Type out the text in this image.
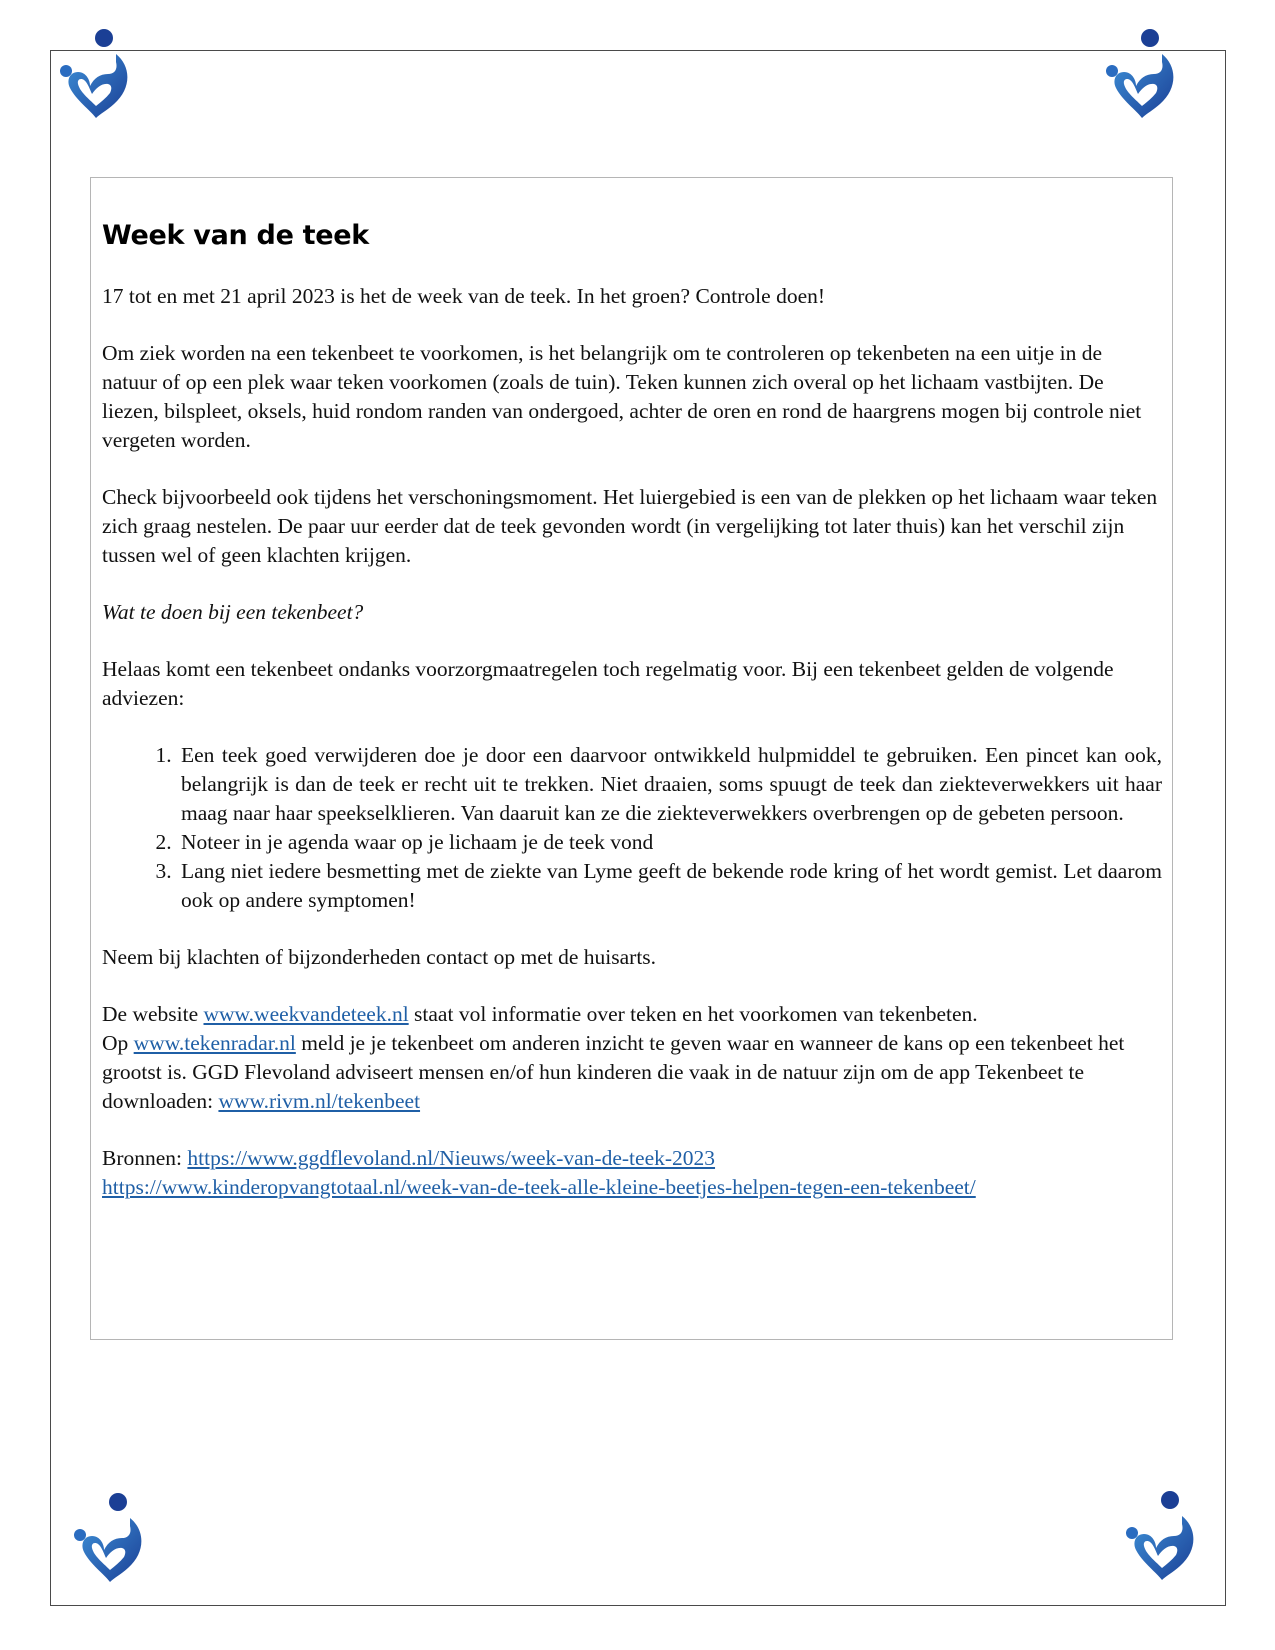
Week van de teek

17 tot en met 21 april 2023 is het de week van de teek. In het groen? Controle doen!

Om ziek worden na een tekenbeet te voorkomen, is het belangrijk om te controleren op tekenbeten na een uitje in de natuur of op een plek waar teken voorkomen (zoals de tuin). Teken kunnen zich overal op het lichaam vastbijten. De liezen, bilspleet, oksels, huid rondom randen van ondergoed, achter de oren en rond de haargrens mogen bij controle niet vergeten worden.

Check bijvoorbeeld ook tijdens het verschoningsmoment. Het luiergebied is een van de plekken op het lichaam waar teken zich graag nestelen. De paar uur eerder dat de teek gevonden wordt (in vergelijking tot later thuis) kan het verschil zijn tussen wel of geen klachten krijgen.

Wat te doen bij een tekenbeet?

Helaas komt een tekenbeet ondanks voorzorgmaatregelen toch regelmatig voor. Bij een tekenbeet gelden de volgende adviezen:

1. Een teek goed verwijderen doe je door een daarvoor ontwikkeld hulpmiddel te gebruiken. Een pincet kan ook, belangrijk is dan de teek er recht uit te trekken. Niet draaien, soms spuugt de teek dan ziekteverwekkers uit haar maag naar haar speekselklieren. Van daaruit kan ze die ziekteverwekkers overbrengen op de gebeten persoon.
2. Noteer in je agenda waar op je lichaam je de teek vond
3. Lang niet iedere besmetting met de ziekte van Lyme geeft de bekende rode kring of het wordt gemist. Let daarom ook op andere symptomen!

Neem bij klachten of bijzonderheden contact op met de huisarts.

De website www.weekvandeteek.nl staat vol informatie over teken en het voorkomen van tekenbeten.
Op www.tekenradar.nl meld je je tekenbeet om anderen inzicht te geven waar en wanneer de kans op een tekenbeet het grootst is. GGD Flevoland adviseert mensen en/of hun kinderen die vaak in de natuur zijn om de app Tekenbeet te downloaden: www.rivm.nl/tekenbeet

Bronnen: https://www.ggdflevoland.nl/Nieuws/week-van-de-teek-2023
https://www.kinderopvangtotaal.nl/week-van-de-teek-alle-kleine-beetjes-helpen-tegen-een-tekenbeet/
